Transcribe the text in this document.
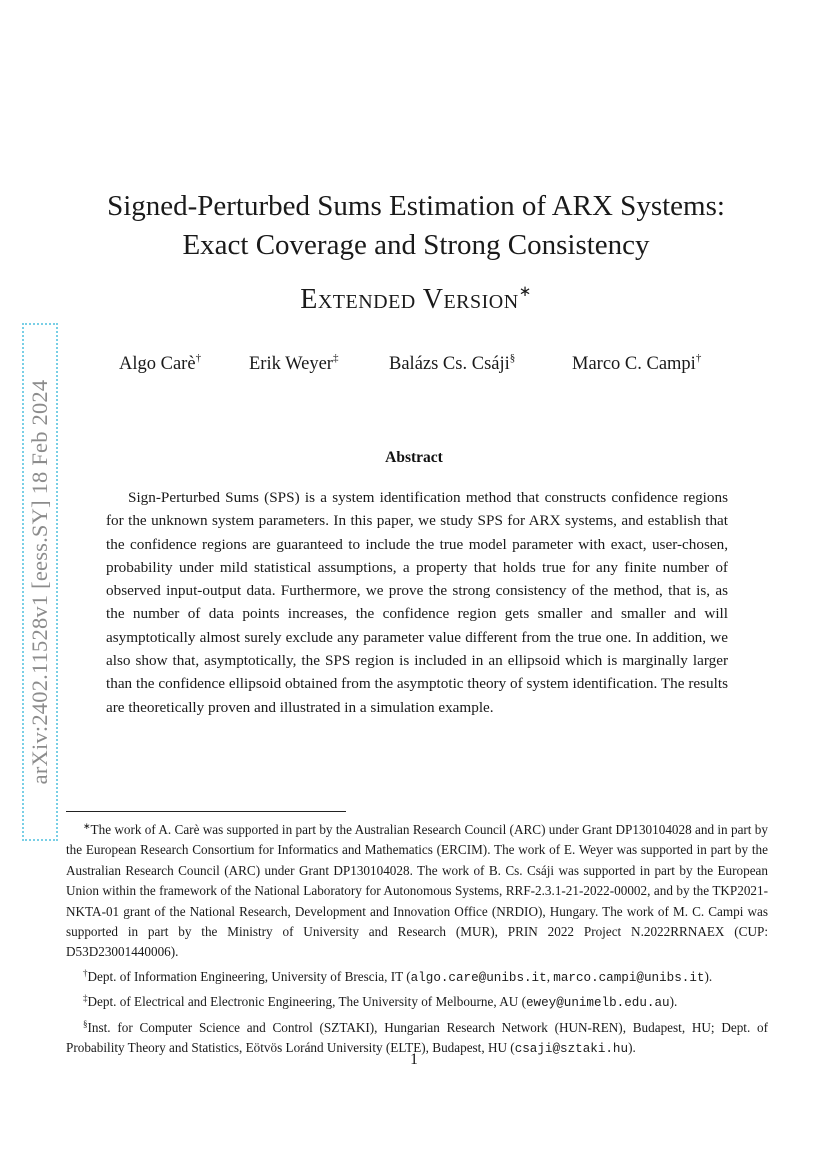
arXiv:2402.11528v1 [eess.SY] 18 Feb 2024
Signed-Perturbed Sums Estimation of ARX Systems:
Exact Coverage and Strong Consistency
Extended Version∗
Algo Carè†	Erik Weyer‡	Balázs Cs. Csáji§	Marco C. Campi†
Abstract

Sign-Perturbed Sums (SPS) is a system identification method that constructs confidence regions for the unknown system parameters. In this paper, we study SPS for ARX systems, and establish that the confidence regions are guaranteed to include the true model parameter with exact, user-chosen, probability under mild statistical assumptions, a property that holds true for any finite number of observed input-output data. Furthermore, we prove the strong consistency of the method, that is, as the number of data points increases, the confidence region gets smaller and smaller and will asymptotically almost surely exclude any parameter value different from the true one. In addition, we also show that, asymptotically, the SPS region is included in an ellipsoid which is marginally larger than the confidence ellipsoid obtained from the asymptotic theory of system identification. The results are theoretically proven and illustrated in a simulation example.

∗The work of A. Carè was supported in part by the Australian Research Council (ARC) under Grant DP130104028 and in part by the European Research Consortium for Informatics and Mathematics (ERCIM). The work of E. Weyer was supported in part by the Australian Research Council (ARC) under Grant DP130104028. The work of B. Cs. Csáji was supported in part by the European Union within the framework of the National Laboratory for Autonomous Systems, RRF-2.3.1-21-2022-00002, and by the TKP2021-NKTA-01 grant of the National Research, Development and Innovation Office (NRDIO), Hungary. The work of M. C. Campi was supported in part by the Ministry of University and Research (MUR), PRIN 2022 Project N.2022RRNAEX (CUP: D53D23001440006).

†Dept. of Information Engineering, University of Brescia, IT (algo.care@unibs.it, marco.campi@unibs.it).

‡Dept. of Electrical and Electronic Engineering, The University of Melbourne, AU (ewey@unimelb.edu.au).

§Inst. for Computer Science and Control (SZTAKI), Hungarian Research Network (HUN-REN), Budapest, HU; Dept. of Probability Theory and Statistics, Eötvös Loránd University (ELTE), Budapest, HU (csaji@sztaki.hu).

1
